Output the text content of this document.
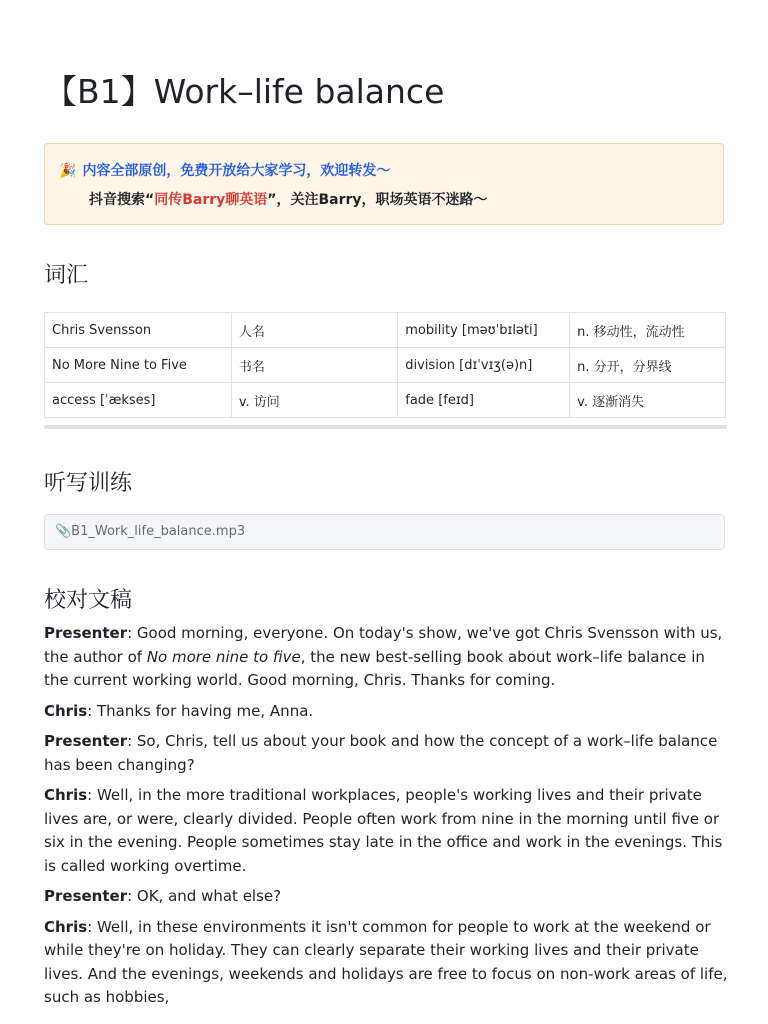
【B1】Work–life balance
🎉 内容全部原创，免费开放给大家学习，欢迎转发～
抖音搜索“同传Barry聊英语”，关注Barry，职场英语不迷路～
词汇
Chris Svensson	人名	mobility [məʊˈbɪləti]	n. 移动性，流动性
No More Nine to Five	书名	division [dɪˈvɪʒ(ə)n]	n. 分开，分界线
access [ˈækses]	v. 访问	fade [feɪd]	v. 逐渐消失
听写训练
📎B1_Work_life_balance.mp3
校对文稿

Presenter: Good morning, everyone. On today's show, we've got Chris Svensson with us, the author of No more nine to five, the new best-selling book about work–life balance in the current working world. Good morning, Chris. Thanks for coming.

Chris: Thanks for having me, Anna.

Presenter: So, Chris, tell us about your book and how the concept of a work–life balance has been changing?

Chris: Well, in the more traditional workplaces, people's working lives and their private lives are, or were, clearly divided. People often work from nine in the morning until five or six in the evening. People sometimes stay late in the office and work in the evenings. This is called working overtime.

Presenter: OK, and what else?

Chris: Well, in these environments it isn't common for people to work at the weekend or while they're on holiday. They can clearly separate their working lives and their private lives. And the evenings, weekends and holidays are free to focus on non-work areas of life, such as hobbies,
